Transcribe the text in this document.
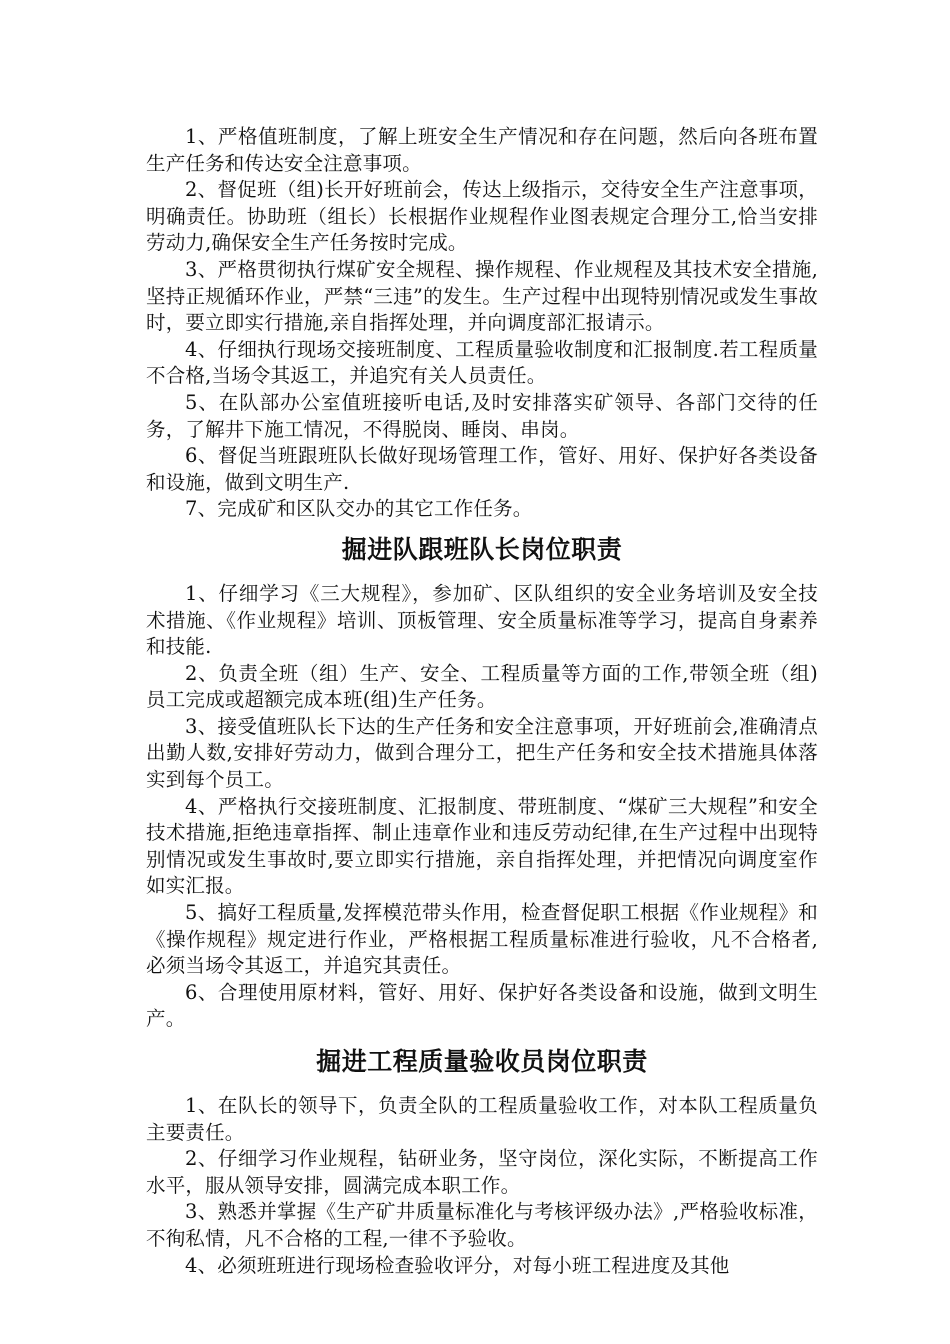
1、严格值班制度，了解上班安全生产情况和存在问题，然后向各班布置生产任务和传达安全注意事项。

2、督促班（组)长开好班前会，传达上级指示，交待安全生产注意事项，明确责任。协助班（组长）长根据作业规程作业图表规定合理分工,恰当安排劳动力,确保安全生产任务按时完成。

3、严格贯彻执行煤矿安全规程、操作规程、作业规程及其技术安全措施,坚持正规循环作业，严禁“三违”的发生。生产过程中出现特别情况或发生事故时，要立即实行措施,亲自指挥处理，并向调度部汇报请示。

4、仔细执行现场交接班制度、工程质量验收制度和汇报制度.若工程质量不合格,当场令其返工，并追究有关人员责任。

5、在队部办公室值班接听电话,及时安排落实矿领导、各部门交待的任务，了解井下施工情况，不得脱岗、睡岗、串岗。

6、督促当班跟班队长做好现场管理工作，管好、用好、保护好各类设备和设施，做到文明生产.

7、完成矿和区队交办的其它工作任务。

掘进队跟班队长岗位职责

1、仔细学习《三大规程》，参加矿、区队组织的安全业务培训及安全技术措施、《作业规程》培训、顶板管理、安全质量标准等学习，提高自身素养和技能.

2、负责全班（组）生产、安全、工程质量等方面的工作,带领全班（组)员工完成或超额完成本班(组)生产任务。

3、接受值班队长下达的生产任务和安全注意事项，开好班前会,准确清点出勤人数,安排好劳动力，做到合理分工，把生产任务和安全技术措施具体落实到每个员工。

4、严格执行交接班制度、汇报制度、带班制度、“煤矿三大规程”和安全技术措施,拒绝违章指挥、制止违章作业和违反劳动纪律,在生产过程中出现特别情况或发生事故时,要立即实行措施，亲自指挥处理，并把情况向调度室作如实汇报。

5、搞好工程质量,发挥模范带头作用，检查督促职工根据《作业规程》和《操作规程》规定进行作业，严格根据工程质量标准进行验收，凡不合格者,必须当场令其返工，并追究其责任。

6、合理使用原材料，管好、用好、保护好各类设备和设施，做到文明生产。

掘进工程质量验收员岗位职责

1、在队长的领导下，负责全队的工程质量验收工作，对本队工程质量负主要责任。

2、仔细学习作业规程，钻研业务，坚守岗位，深化实际，不断提高工作水平，服从领导安排，圆满完成本职工作。

3、熟悉并掌握《生产矿井质量标准化与考核评级办法》,严格验收标准，不徇私情，凡不合格的工程,一律不予验收。

4、必须班班进行现场检查验收评分，对每小班工程进度及其他
